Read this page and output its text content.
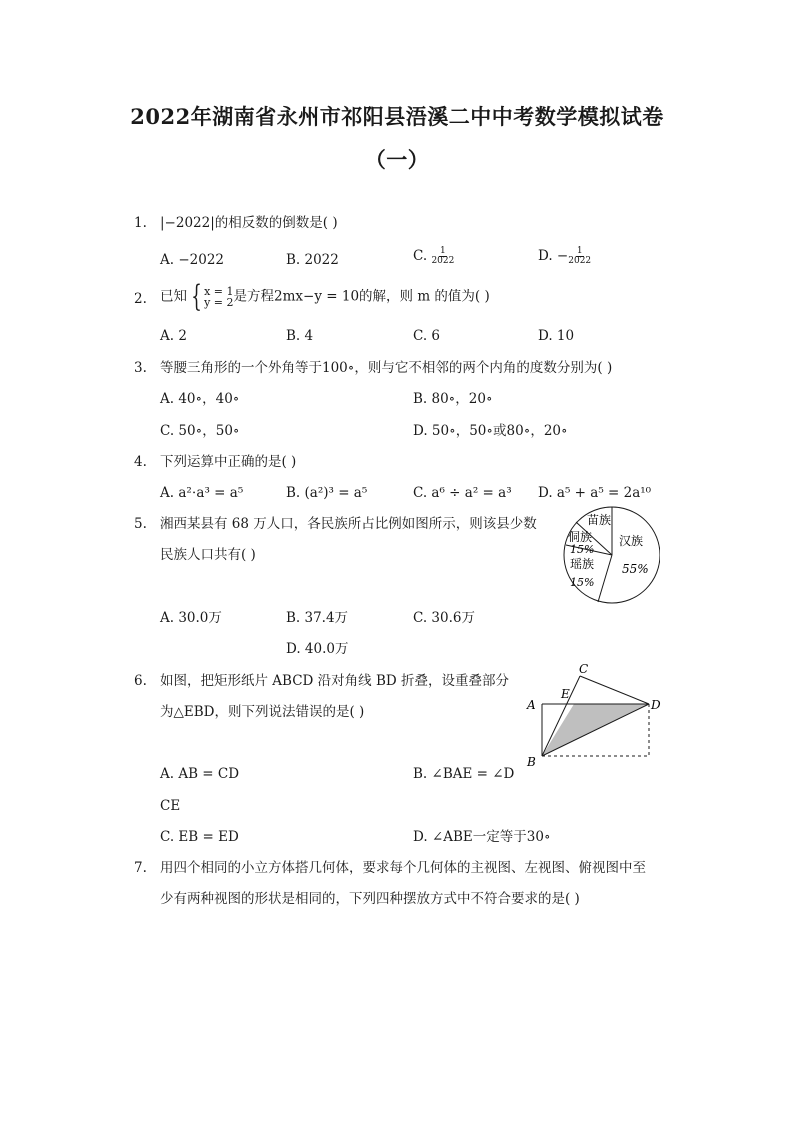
2022年湖南省永州市祁阳县浯溪二中中考数学模拟试卷
（一）
1. |−2022|的相反数的倒数是( )
A. −2022	B. 2022	C. $\frac{1}{2022}$	D. − $\frac{1}{2022}$
2. 已知 { x = 1
y = 2 是方程2mx−y = 10的解，则 m 的值为( )
A. 2	B. 4	C. 6	D. 10
3. 等腰三角形的一个外角等于100∘，则与它不相邻的两个内角的度数分别为( )
A. 40∘，40∘	B. 80∘，20∘
C. 50∘，50∘	D. 50∘，50∘或80∘，20∘
4. 下列运算中正确的是( )
A. a²⋅a³ = a⁵	B. (a²)³ = a⁵	C. a⁶ ÷ a² = a³ D. a⁵ + a⁵ = 2a¹⁰
5. 湘西某县有 68 万人口，各民族所占比例如图所示，则该县少数
民族人口共有( )
A. 30.0万	B. 37.4万	C. 30.6万
D. 40.0万
苗族
侗族
15%
瑶族
15%
汉族
55%
6. 如图，把矩形纸片 ABCD 沿对角线 BD 折叠，设重叠部分
为△EBD，则下列说法错误的是( )
A. AB = CD	B. ∠BAE = ∠D
CE
C. EB = ED	D. ∠ABE一定等于30∘
A
B
C
D
E
7. 用四个相同的小立方体搭几何体，要求每个几何体的主视图、左视图、俯视图中至
少有两种视图的形状是相同的，下列四种摆放方式中不符合要求的是( )
